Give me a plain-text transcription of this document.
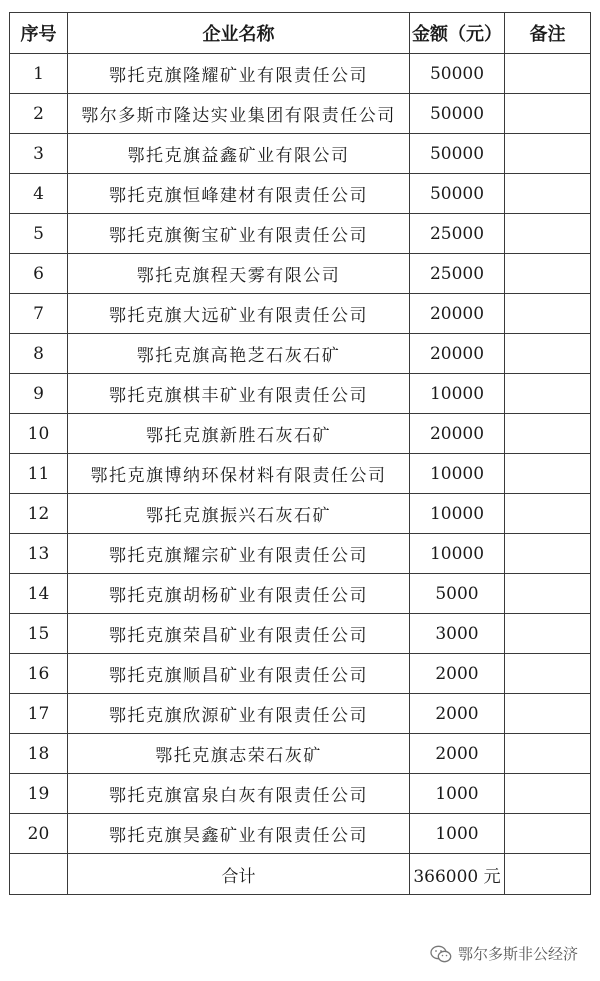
序号	企业名称	金额（元）	备注
1	鄂托克旗隆耀矿业有限责任公司	50000	
2	鄂尔多斯市隆达实业集团有限责任公司	50000	
3	鄂托克旗益鑫矿业有限公司	50000	
4	鄂托克旗恒峰建材有限责任公司	50000	
5	鄂托克旗衡宝矿业有限责任公司	25000	
6	鄂托克旗程天雾有限公司	25000	
7	鄂托克旗大远矿业有限责任公司	20000	
8	鄂托克旗高艳芝石灰石矿	20000	
9	鄂托克旗棋丰矿业有限责任公司	10000	
10	鄂托克旗新胜石灰石矿	20000	
11	鄂托克旗博纳环保材料有限责任公司	10000	
12	鄂托克旗振兴石灰石矿	10000	
13	鄂托克旗耀宗矿业有限责任公司	10000	
14	鄂托克旗胡杨矿业有限责任公司	5000	
15	鄂托克旗荣昌矿业有限责任公司	3000	
16	鄂托克旗顺昌矿业有限责任公司	2000	
17	鄂托克旗欣源矿业有限责任公司	2000	
18	鄂托克旗志荣石灰矿	2000	
19	鄂托克旗富泉白灰有限责任公司	1000	
20	鄂托克旗昊鑫矿业有限责任公司	1000	
	合计	366000 元	
鄂尔多斯非公经济
